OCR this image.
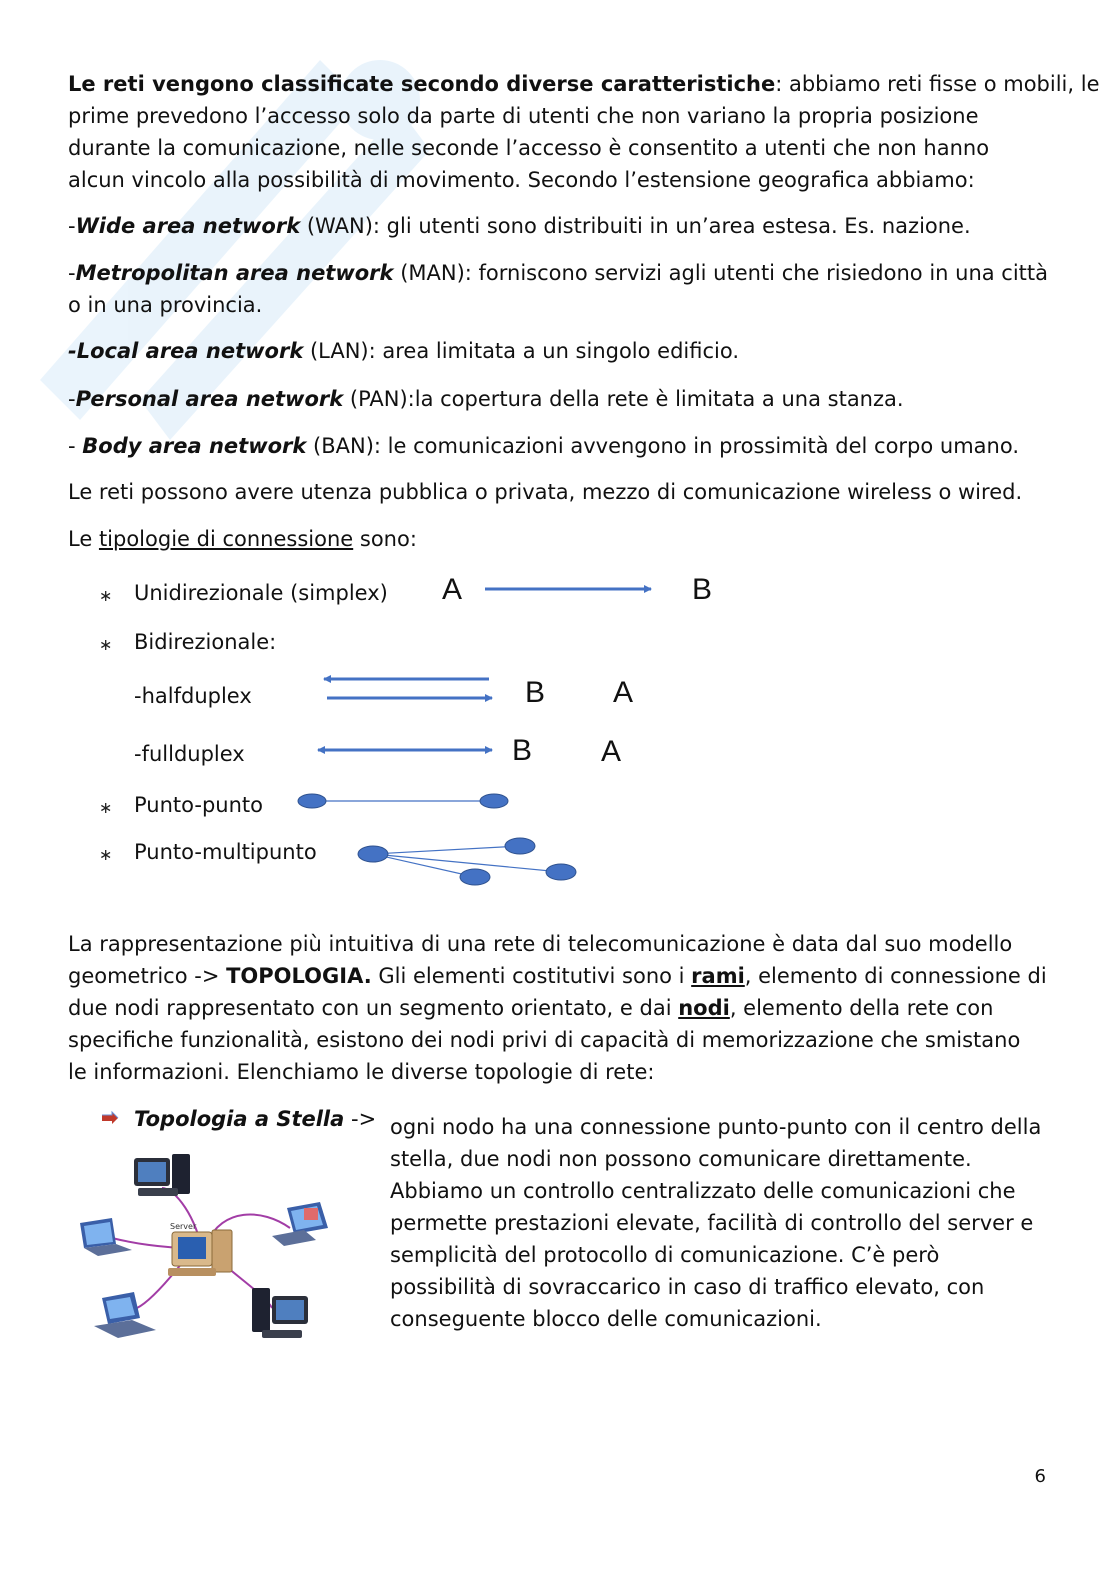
Le reti vengono classificate secondo diverse caratteristiche: abbiamo reti fisse o mobili, le
prime prevedono l’accesso solo da parte di utenti che non variano la propria posizione
durante la comunicazione, nelle seconde l’accesso è consentito a utenti che non hanno
alcun vincolo alla possibilità di movimento. Secondo l’estensione geografica abbiamo:
-Wide area network (WAN): gli utenti sono distribuiti in un’area estesa. Es. nazione.
-Metropolitan area network (MAN): forniscono servizi agli utenti che risiedono in una città
o in una provincia.
-Local area network (LAN): area limitata a un singolo edificio.
-Personal area network (PAN):la copertura della rete è limitata a una stanza.
- Body area network (BAN): le comunicazioni avvengono in prossimità del corpo umano.
Le reti possono avere utenza pubblica o privata, mezzo di comunicazione wireless o wired.
Le tipologie di connessione sono:
∗ Unidirezionale (simplex) A	B
∗ Bidirezionale:
-halfduplex	B A
-fullduplex	B A
∗ Punto-punto
∗ Punto-multipunto
La rappresentazione più intuitiva di una rete di telecomunicazione è data dal suo modello
geometrico -> TOPOLOGIA. Gli elementi costitutivi sono i rami, elemento di connessione di
due nodi rappresentato con un segmento orientato, e dai nodi, elemento della rete con
specifiche funzionalità, esistono dei nodi privi di capacità di memorizzazione che smistano
le informazioni. Elenchiamo le diverse topologie di rete:
Topologia a Stella ->
Server
ogni nodo ha una connessione punto-punto con il centro della
stella, due nodi non possono comunicare direttamente.
Abbiamo un controllo centralizzato delle comunicazioni che
permette prestazioni elevate, facilità di controllo del server e
semplicità del protocollo di comunicazione. C’è però
possibilità di sovraccarico in caso di traffico elevato, con
conseguente blocco delle comunicazioni.
6
